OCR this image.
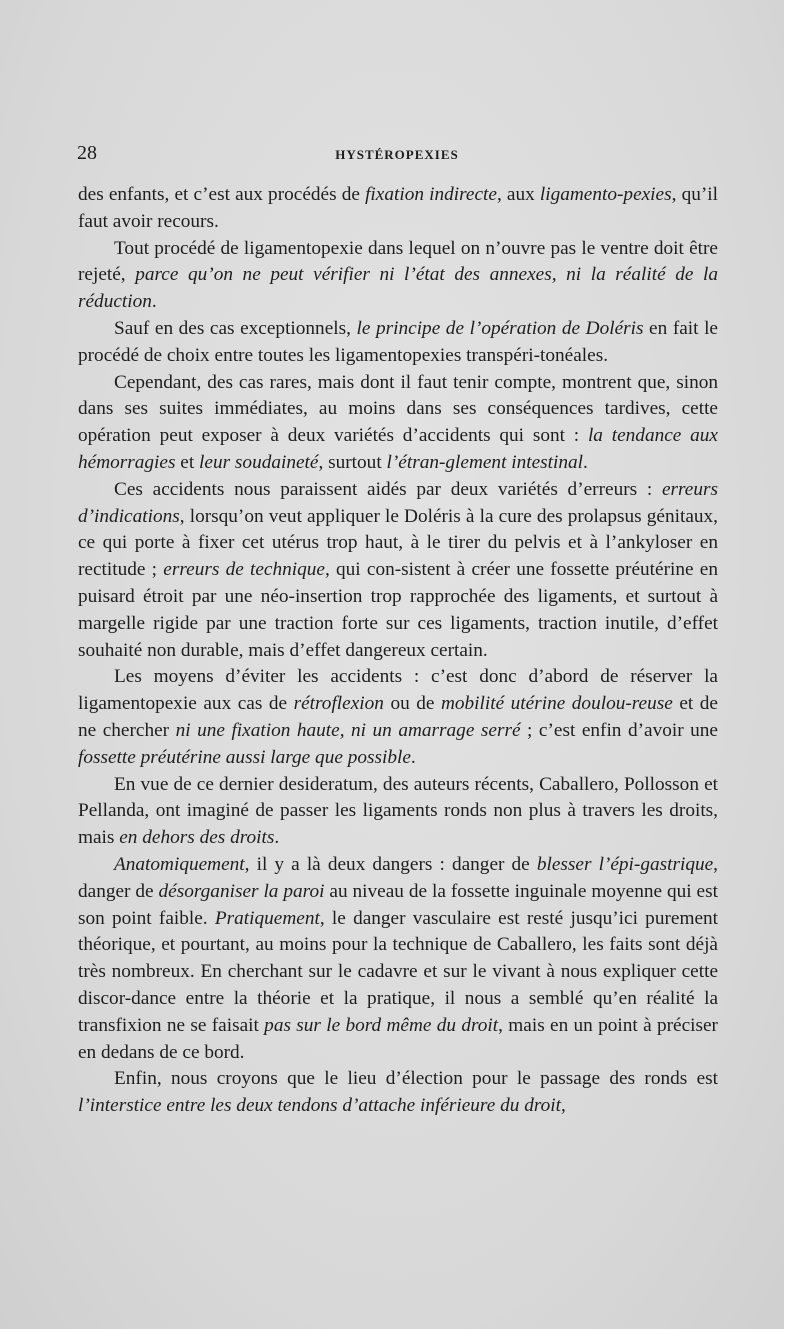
28	HYSTÉROPEXIES

des enfants, et c’est aux procédés de fixation indirecte, aux ligamento-pexies, qu’il faut avoir recours.

Tout procédé de ligamentopexie dans lequel on n’ouvre pas le ventre doit être rejeté, parce qu’on ne peut vérifier ni l’état des annexes, ni la réalité de la réduction.

Sauf en des cas exceptionnels, le principe de l’opération de Doléris en fait le procédé de choix entre toutes les ligamentopexies transpéri-tonéales.

Cependant, des cas rares, mais dont il faut tenir compte, montrent que, sinon dans ses suites immédiates, au moins dans ses conséquences tardives, cette opération peut exposer à deux variétés d’accidents qui sont : la tendance aux hémorragies et leur soudaineté, surtout l’étran-glement intestinal.

Ces accidents nous paraissent aidés par deux variétés d’erreurs : erreurs d’indications, lorsqu’on veut appliquer le Doléris à la cure des prolapsus génitaux, ce qui porte à fixer cet utérus trop haut, à le tirer du pelvis et à l’ankyloser en rectitude ; erreurs de technique, qui con-sistent à créer une fossette préutérine en puisard étroit par une néo-insertion trop rapprochée des ligaments, et surtout à margelle rigide par une traction forte sur ces ligaments, traction inutile, d’effet souhaité non durable, mais d’effet dangereux certain.

Les moyens d’éviter les accidents : c’est donc d’abord de réserver la ligamentopexie aux cas de rétroflexion ou de mobilité utérine doulou-reuse et de ne chercher ni une fixation haute, ni un amarrage serré ; c’est enfin d’avoir une fossette préutérine aussi large que possible.

En vue de ce dernier desideratum, des auteurs récents, Caballero, Pollosson et Pellanda, ont imaginé de passer les ligaments ronds non plus à travers les droits, mais en dehors des droits.

Anatomiquement, il y a là deux dangers : danger de blesser l’épi-gastrique, danger de désorganiser la paroi au niveau de la fossette inguinale moyenne qui est son point faible. Pratiquement, le danger vasculaire est resté jusqu’ici purement théorique, et pourtant, au moins pour la technique de Caballero, les faits sont déjà très nombreux. En cherchant sur le cadavre et sur le vivant à nous expliquer cette discor-dance entre la théorie et la pratique, il nous a semblé qu’en réalité la transfixion ne se faisait pas sur le bord même du droit, mais en un point à préciser en dedans de ce bord.

Enfin, nous croyons que le lieu d’élection pour le passage des ronds est l’interstice entre les deux tendons d’attache inférieure du droit,
